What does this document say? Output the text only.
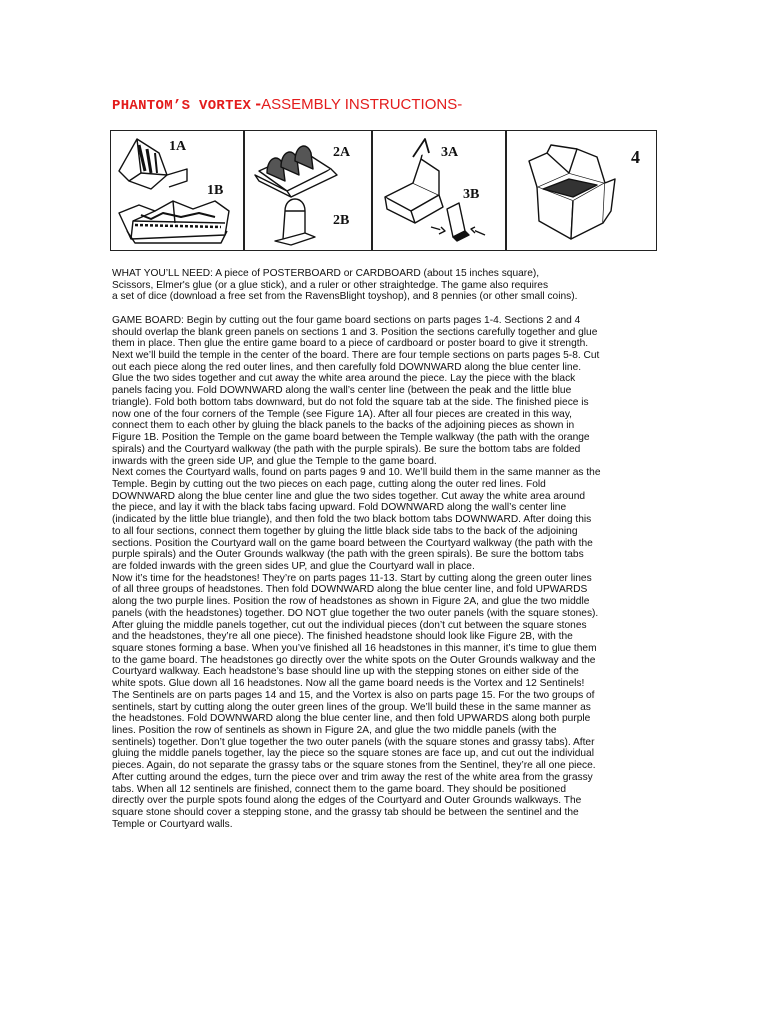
PHANTOM’S VORTEX -ASSEMBLY INSTRUCTIONS-
1A
1B
2A
2B
3A
3B
4
WHAT YOU’LL NEED: A piece of POSTERBOARD or CARDBOARD (about 15 inches square),
Scissors, Elmer's glue (or a glue stick), and a ruler or other straightedge. The game also requires
a set of dice (download a free set from the RavensBlight toyshop), and 8 pennies (or other small coins).
GAME BOARD: Begin by cutting out the four game board sections on parts pages 1-4. Sections 2 and 4
should overlap the blank green panels on sections 1 and 3. Position the sections carefully together and glue
them in place. Then glue the entire game board to a piece of cardboard or poster board to give it strength.
Next we’ll build the temple in the center of the board. There are four temple sections on parts pages 5-8. Cut
out each piece along the red outer lines, and then carefully fold DOWNWARD along the blue center line.
Glue the two sides together and cut away the white area around the piece. Lay the piece with the black
panels facing you. Fold DOWNWARD along the wall’s center line (between the peak and the little blue
triangle). Fold both bottom tabs downward, but do not fold the square tab at the side. The finished piece is
now one of the four corners of the Temple (see Figure 1A). After all four pieces are created in this way,
connect them to each other by gluing the black panels to the backs of the adjoining pieces as shown in
Figure 1B. Position the Temple on the game board between the Temple walkway (the path with the orange
spirals) and the Courtyard walkway (the path with the purple spirals). Be sure the bottom tabs are folded
inwards with the green side UP, and glue the Temple to the game board.
Next comes the Courtyard walls, found on parts pages 9 and 10. We’ll build them in the same manner as the
Temple. Begin by cutting out the two pieces on each page, cutting along the outer red lines. Fold
DOWNWARD along the blue center line and glue the two sides together. Cut away the white area around
the piece, and lay it with the black tabs facing upward. Fold DOWNWARD along the wall’s center line
(indicated by the little blue triangle), and then fold the two black bottom tabs DOWNWARD. After doing this
to all four sections, connect them together by gluing the little black side tabs to the back of the adjoining
sections. Position the Courtyard wall on the game board between the Courtyard walkway (the path with the
purple spirals) and the Outer Grounds walkway (the path with the green spirals). Be sure the bottom tabs
are folded inwards with the green sides UP, and glue the Courtyard wall in place.
Now it’s time for the headstones! They’re on parts pages 11-13. Start by cutting along the green outer lines
of all three groups of headstones. Then fold DOWNWARD along the blue center line, and fold UPWARDS
along the two purple lines. Position the row of headstones as shown in Figure 2A, and glue the two middle
panels (with the headstones) together. DO NOT glue together the two outer panels (with the square stones).
After gluing the middle panels together, cut out the individual pieces (don’t cut between the square stones
and the headstones, they’re all one piece). The finished headstone should look like Figure 2B, with the
square stones forming a base. When you’ve finished all 16 headstones in this manner, it’s time to glue them
to the game board. The headstones go directly over the white spots on the Outer Grounds walkway and the
Courtyard walkway. Each headstone’s base should line up with the stepping stones on either side of the
white spots. Glue down all 16 headstones. Now all the game board needs is the Vortex and 12 Sentinels!
The Sentinels are on parts pages 14 and 15, and the Vortex is also on parts page 15. For the two groups of
sentinels, start by cutting along the outer green lines of the group. We’ll build these in the same manner as
the headstones. Fold DOWNWARD along the blue center line, and then fold UPWARDS along both purple
lines. Position the row of sentinels as shown in Figure 2A, and glue the two middle panels (with the
sentinels) together. Don’t glue together the two outer panels (with the square stones and grassy tabs). After
gluing the middle panels together, lay the piece so the square stones are face up, and cut out the individual
pieces. Again, do not separate the grassy tabs or the square stones from the Sentinel, they’re all one piece.
After cutting around the edges, turn the piece over and trim away the rest of the white area from the grassy
tabs. When all 12 sentinels are finished, connect them to the game board. They should be positioned
directly over the purple spots found along the edges of the Courtyard and Outer Grounds walkways. The
square stone should cover a stepping stone, and the grassy tab should be between the sentinel and the
Temple or Courtyard walls.
